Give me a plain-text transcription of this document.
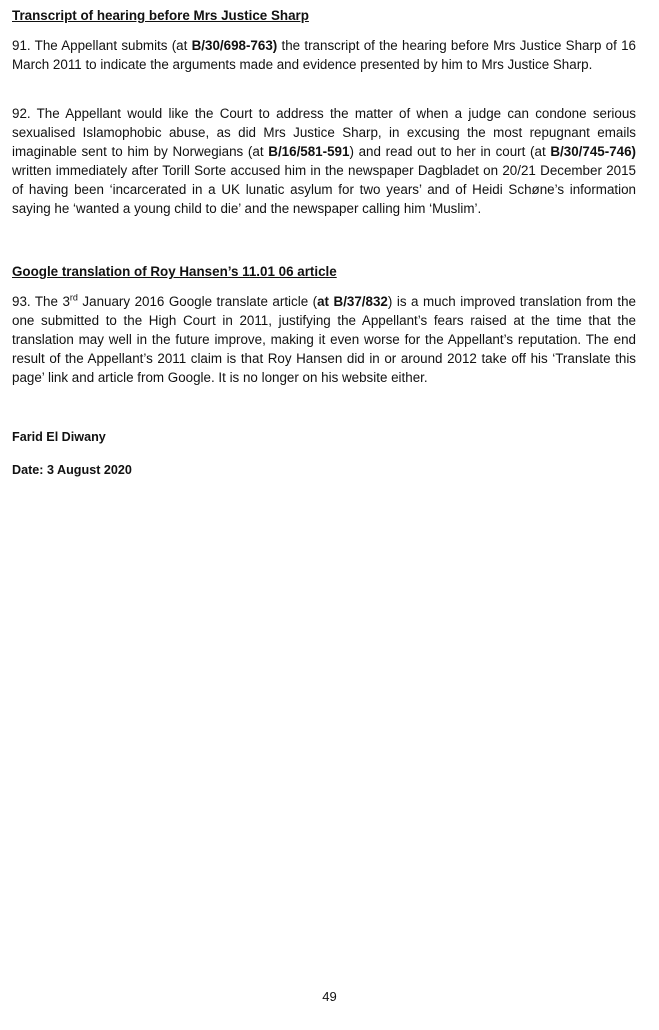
Transcript of hearing before Mrs Justice Sharp

91. The Appellant submits (at B/30/698-763) the transcript of the hearing before Mrs Justice Sharp of 16 March 2011 to indicate the arguments made and evidence presented by him to Mrs Justice Sharp.

92. The Appellant would like the Court to address the matter of when a judge can condone serious sexualised Islamophobic abuse, as did Mrs Justice Sharp, in excusing the most repugnant emails imaginable sent to him by Norwegians (at B/16/581-591) and read out to her in court (at B/30/745-746) written immediately after Torill Sorte accused him in the newspaper Dagbladet on 20/21 December 2015 of having been ‘incarcerated in a UK lunatic asylum for two years’ and of Heidi Schøne’s information saying he ‘wanted a young child to die’ and the newspaper calling him ‘Muslim’.

Google translation of Roy Hansen’s 11.01 06 article

93. The 3rd January 2016 Google translate article (at B/37/832) is a much improved translation from the one submitted to the High Court in 2011, justifying the Appellant’s fears raised at the time that the translation may well in the future improve, making it even worse for the Appellant’s reputation. The end result of the Appellant’s 2011 claim is that Roy Hansen did in or around 2012 take off his ‘Translate this page’ link and article from Google. It is no longer on his website either.

Farid El Diwany
Date: 3 August 2020
49
